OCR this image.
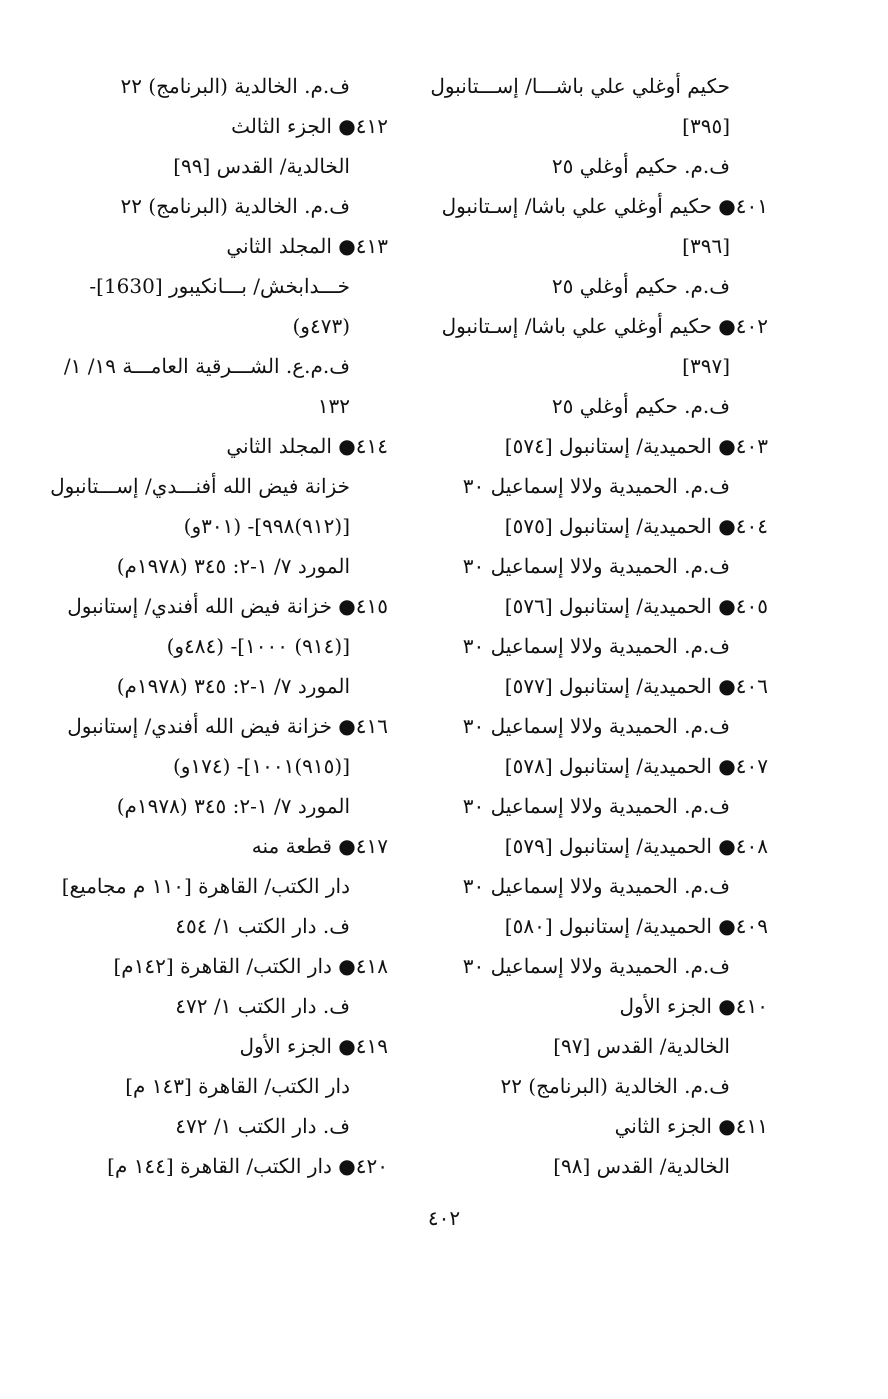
حكيم أوغلي علي باشـــا/ إســـتانبول
[٣٩٥]
ف.م. حكيم أوغلي ٢٥
٤٠١● حكيم أوغلي علي باشا/ إسـتانبول
[٣٩٦]
ف.م. حكيم أوغلي ٢٥
٤٠٢● حكيم أوغلي علي باشا/ إسـتانبول
[٣٩٧]
ف.م. حكيم أوغلي ٢٥
٤٠٣● الحميدية/ إستانبول [٥٧٤]
ف.م. الحميدية ولالا إسماعيل ٣٠
٤٠٤● الحميدية/ إستانبول [٥٧٥]
ف.م. الحميدية ولالا إسماعيل ٣٠
٤٠٥● الحميدية/ إستانبول [٥٧٦]
ف.م. الحميدية ولالا إسماعيل ٣٠
٤٠٦● الحميدية/ إستانبول [٥٧٧]
ف.م. الحميدية ولالا إسماعيل ٣٠
٤٠٧● الحميدية/ إستانبول [٥٧٨]
ف.م. الحميدية ولالا إسماعيل ٣٠
٤٠٨● الحميدية/ إستانبول [٥٧٩]
ف.م. الحميدية ولالا إسماعيل ٣٠
٤٠٩● الحميدية/ إستانبول [٥٨٠]
ف.م. الحميدية ولالا إسماعيل ٣٠
٤١٠● الجزء الأول
الخالدية/ القدس [٩٧]
ف.م. الخالدية (البرنامج) ٢٢
٤١١● الجزء الثاني
الخالدية/ القدس [٩٨]
ف.م. الخالدية (البرنامج) ٢٢
٤١٢● الجزء الثالث
الخالدية/ القدس [٩٩]
ف.م. الخالدية (البرنامج) ٢٢
٤١٣● المجلد الثاني
خـــدابخش/ بـــانكيبور [1630]-
(٤٧٣و)
ف.م.ع. الشـــرقية العامـــة ١٩/ ١/
١٣٢
٤١٤● المجلد الثاني
خزانة فيض الله أفنـــدي/ إســـتانبول
[(٩١٢)٩٩٨]- (٣٠١و)
المورد ٧/ ١-٢: ٣٤٥ (١٩٧٨م)
٤١٥● خزانة فيض الله أفندي/ إستانبول
[(٩١٤) ١٠٠٠]- (٤٨٤و)
المورد ٧/ ١-٢: ٣٤٥ (١٩٧٨م)
٤١٦● خزانة فيض الله أفندي/ إستانبول
[(٩١٥)١٠٠١]- (١٧٤و)
المورد ٧/ ١-٢: ٣٤٥ (١٩٧٨م)
٤١٧● قطعة منه
دار الكتب/ القاهرة [١١٠ م مجاميع]
ف. دار الكتب ١/ ٤٥٤
٤١٨● دار الكتب/ القاهرة [١٤٢م]
ف. دار الكتب ١/ ٤٧٢
٤١٩● الجزء الأول
دار الكتب/ القاهرة [١٤٣ م]
ف. دار الكتب ١/ ٤٧٢
٤٢٠● دار الكتب/ القاهرة [١٤٤ م]
٤٠٢
